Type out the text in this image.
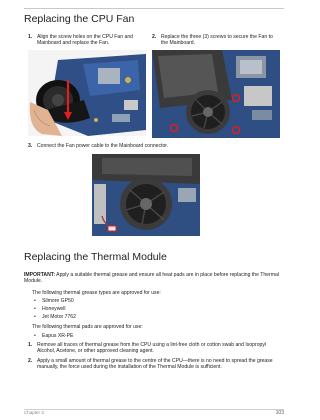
Replacing the CPU Fan
1. Align the screw holes on the CPU Fan and Mainboard and replace the Fan.
2. Replace the three (3) screws to secure the Fan to the Mainboard.
3. Connect the Fan power cable to the Mainboard connector.
Replacing the Thermal Module
IMPORTANT: Apply a suitable thermal grease and ensure all heat pads are in place before replacing the Thermal Module.
The following thermal grease types are approved for use:
• Silmore GP50
• Honeywell
• Jet Motor 7762
The following thermal pads are approved for use:
• Eapus XR-PE
1. Remove all traces of thermal grease from the CPU using a lint-free cloth or cotton swab and Isopropyl Alcohol, Acetone, or other approved cleaning agent.
2. Apply a small amount of thermal grease to the centre of the CPU—there is no need to spread the grease manually, the force used during the installation of the Thermal Module is sufficient.
Chapter 3	103
